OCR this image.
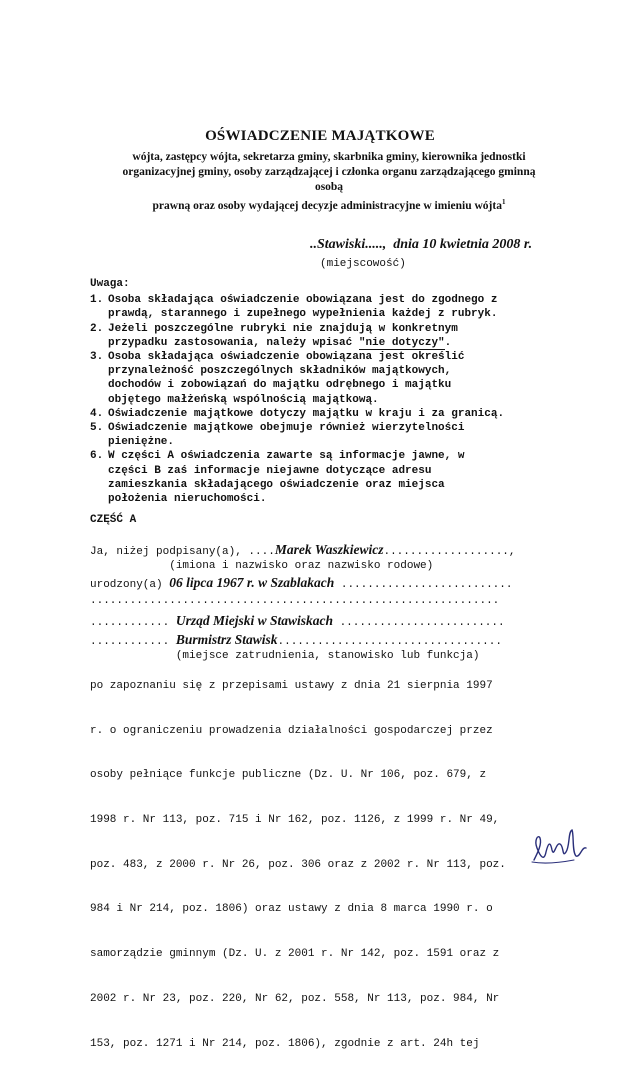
OŚWIADCZENIE MAJĄTKOWE
wójta, zastępcy wójta, sekretarza gminy, skarbnika gminy, kierownika jednostki
organizacyjnej gminy, osoby zarządzającej i członka organu zarządzającego gminną osobą
prawną oraz osoby wydającej decyzje administracyjne w imieniu wójta$^1$
..Stawiski....., dnia 10 kwietnia 2008 r.
(miejscowość)
Uwaga:
1. Osoba składająca oświadczenie obowiązana jest do zgodnego z
prawdą, starannego i zupełnego wypełnienia każdej z rubryk.
2. Jeżeli poszczególne rubryki nie znajdują w konkretnym
przypadku zastosowania, należy wpisać "nie dotyczy".
3. Osoba składająca oświadczenie obowiązana jest określić
przynależność poszczególnych składników majątkowych,
dochodów i zobowiązań do majątku odrębnego i majątku
objętego małżeńską wspólnością majątkową.
4. Oświadczenie majątkowe dotyczy majątku w kraju i za granicą.
5. Oświadczenie majątkowe obejmuje również wierzytelności
pieniężne.
6. W części A oświadczenia zawarte są informacje jawne, w
części B zaś informacje niejawne dotyczące adresu
zamieszkania składającego oświadczenie oraz miejsca
położenia nieruchomości.
CZĘŚĆ A
Ja, niżej podpisany(a), ....Marek Waszkiewicz...................,
(imiona i nazwisko oraz nazwisko rodowe)
urodzony(a) 06 lipca 1967 r. w Szablakach ..........................
..............................................................
............ Urząd Miejski w Stawiskach .........................
............ Burmistrz Stawisk..................................
(miejsce zatrudnienia, stanowisko lub funkcja)

po zapoznaniu się z przepisami ustawy z dnia 21 sierpnia 1997

r. o ograniczeniu prowadzenia działalności gospodarczej przez

osoby pełniące funkcje publiczne (Dz. U. Nr 106, poz. 679, z

1998 r. Nr 113, poz. 715 i Nr 162, poz. 1126, z 1999 r. Nr 49,

poz. 483, z 2000 r. Nr 26, poz. 306 oraz z 2002 r. Nr 113, poz.

984 i Nr 214, poz. 1806) oraz ustawy z dnia 8 marca 1990 r. o

samorządzie gminnym (Dz. U. z 2001 r. Nr 142, poz. 1591 oraz z

2002 r. Nr 23, poz. 220, Nr 62, poz. 558, Nr 113, poz. 984, Nr

153, poz. 1271 i Nr 214, poz. 1806), zgodnie z art. 24h tej
